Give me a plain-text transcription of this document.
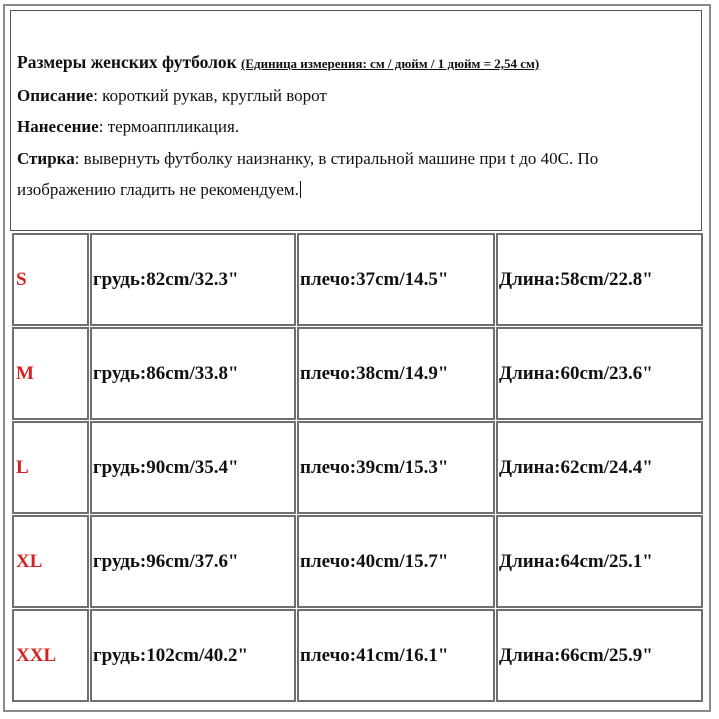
Размеры женских футболок (Единица измерения: см / дюйм / 1 дюйм = 2,54 см)

Описание: короткий рукав, круглый ворот

Нанесение: термоаппликация.

Стирка: вывернуть футболку наизнанку, в стиральной машине при t до 40С. По

изображению гладить не рекомендуем.

S	грудь:82cm/32.3"	плечо:37cm/14.5"	Длина:58cm/22.8"
M	грудь:86cm/33.8"	плечо:38cm/14.9"	Длина:60cm/23.6"
L	грудь:90cm/35.4"	плечо:39cm/15.3"	Длина:62cm/24.4"
XL	грудь:96cm/37.6"	плечо:40cm/15.7"	Длина:64cm/25.1"
XXL	грудь:102cm/40.2"	плечо:41cm/16.1"	Длина:66cm/25.9"
